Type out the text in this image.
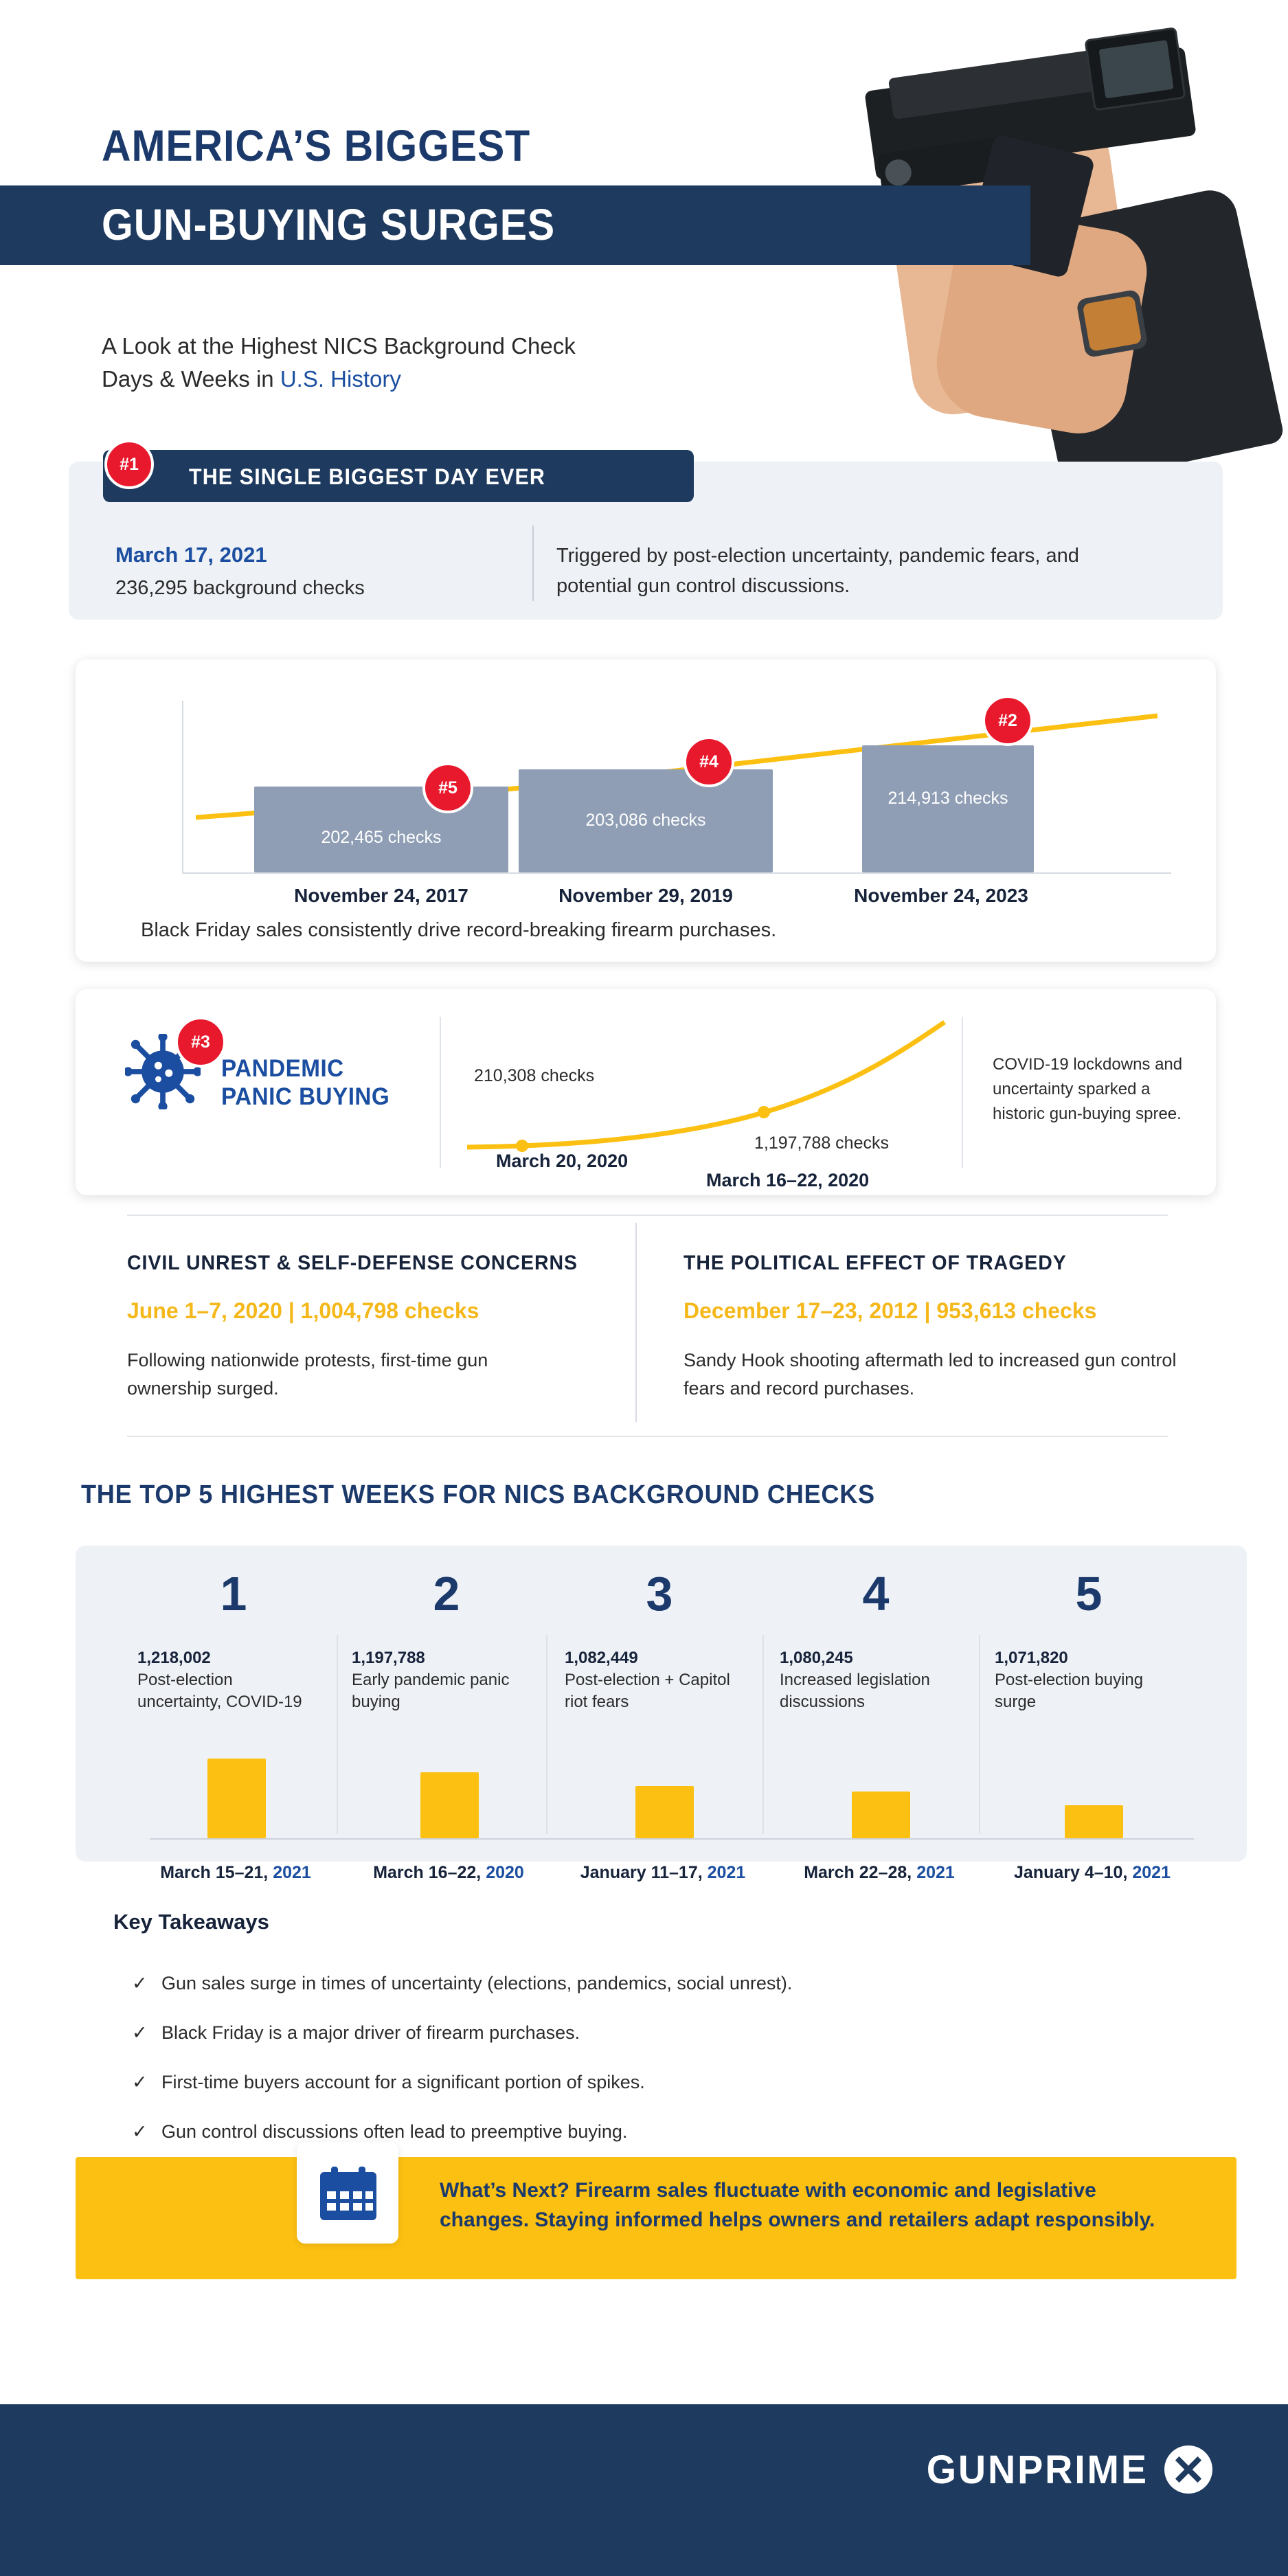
AMERICA’S BIGGEST
GUN-BUYING SURGES
A Look at the Highest NICS Background Check
Days & Weeks in U.S. History
THE SINGLE BIGGEST DAY EVER
#1
March 17, 2021
236,295 background checks
Triggered by post-election uncertainty, pandemic fears, and potential gun control discussions.
202,465 checks
203,086 checks
214,913 checks
November 24, 2017	November 29, 2019	November 24, 2023
#2
#4
#5
Black Friday sales consistently drive record-breaking firearm purchases.
#3
PANDEMIC
PANIC BUYING
210,308 checks
March 20, 2020
1,197,788 checks
March 16–22, 2020
COVID-19 lockdowns and uncertainty sparked a historic gun-buying spree.
CIVIL UNREST & SELF-DEFENSE CONCERNS
June 1–7, 2020 | 1,004,798 checks
Following nationwide protests, first-time gun ownership surged.
THE POLITICAL EFFECT OF TRAGEDY
December 17–23, 2012 | 953,613 checks
Sandy Hook shooting aftermath led to increased gun control fears and record purchases.
THE TOP 5 HIGHEST WEEKS FOR NICS BACKGROUND CHECKS
1	2	3	4	5
1,218,002
Post-election uncertainty, COVID-19
1,197,788
Early pandemic panic buying
1,082,449
Post-election + Capitol riot fears
1,080,245
Increased legislation discussions
1,071,820
Post-election buying surge
March 15–21, 2021	March 16–22, 2020	January 11–17, 2021	March 22–28, 2021	January 4–10, 2021
Key Takeaways
✓ Gun sales surge in times of uncertainty (elections, pandemics, social unrest).
✓ Black Friday is a major driver of firearm purchases.
✓ First-time buyers account for a significant portion of spikes.
✓ Gun control discussions often lead to preemptive buying.
What’s Next? Firearm sales fluctuate with economic and legislative changes. Staying informed helps owners and retailers adapt responsibly.
GUNPRIME
